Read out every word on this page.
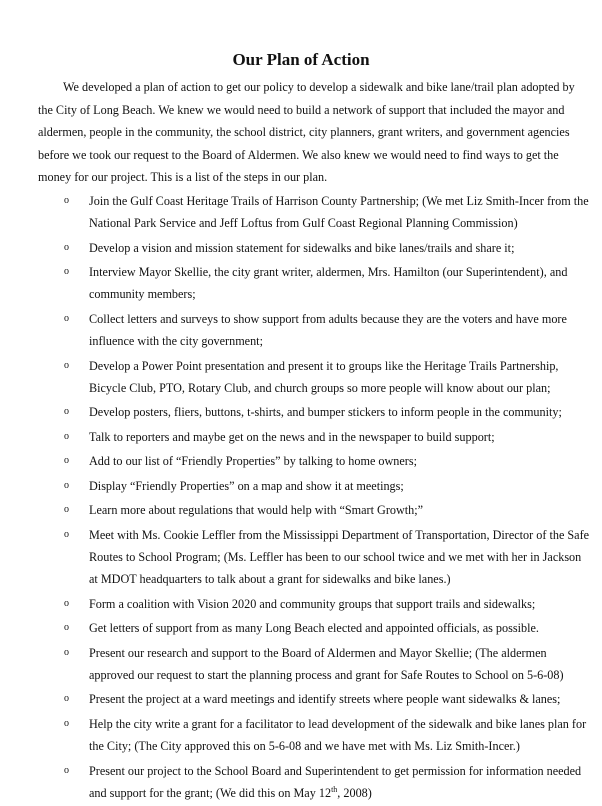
Our Plan of Action

We developed a plan of action to get our policy to develop a sidewalk and bike lane/trail plan adopted by the City of Long Beach. We knew we would need to build a network of support that included the mayor and aldermen, people in the community, the school district, city planners, grant writers, and government agencies before we took our request to the Board of Aldermen. We also knew we would need to find ways to get the money for our project. This is a list of the steps in our plan.

o Join the Gulf Coast Heritage Trails of Harrison County Partnership; (We met Liz Smith-Incer from the National Park Service and Jeff Loftus from Gulf Coast Regional Planning Commission)
o Develop a vision and mission statement for sidewalks and bike lanes/trails and share it;
o Interview Mayor Skellie, the city grant writer, aldermen, Mrs. Hamilton (our Superintendent), and community members;
o Collect letters and surveys to show support from adults because they are the voters and have more influence with the city government;
o Develop a Power Point presentation and present it to groups like the Heritage Trails Partnership, Bicycle Club, PTO, Rotary Club, and church groups so more people will know about our plan;
o Develop posters, fliers, buttons, t-shirts, and bumper stickers to inform people in the community;
o Talk to reporters and maybe get on the news and in the newspaper to build support;
o Add to our list of “Friendly Properties” by talking to home owners;
o Display “Friendly Properties” on a map and show it at meetings;
o Learn more about regulations that would help with “Smart Growth;”
o Meet with Ms. Cookie Leffler from the Mississippi Department of Transportation, Director of the Safe Routes to School Program; (Ms. Leffler has been to our school twice and we met with her in Jackson at MDOT headquarters to talk about a grant for sidewalks and bike lanes.)
o Form a coalition with Vision 2020 and community groups that support trails and sidewalks;
o Get letters of support from as many Long Beach elected and appointed officials, as possible.
o Present our research and support to the Board of Aldermen and Mayor Skellie; (The aldermen approved our request to start the planning process and grant for Safe Routes to School on 5-6-08)
o Present the project at a ward meetings and identify streets where people want sidewalks & lanes;
o Help the city write a grant for a facilitator to lead development of the sidewalk and bike lanes plan for the City; (The City approved this on 5-6-08 and we have met with Ms. Liz Smith-Incer.)
o Present our project to the School Board and Superintendent to get permission for information needed and support for the grant; (We did this on May 12th, 2008)
